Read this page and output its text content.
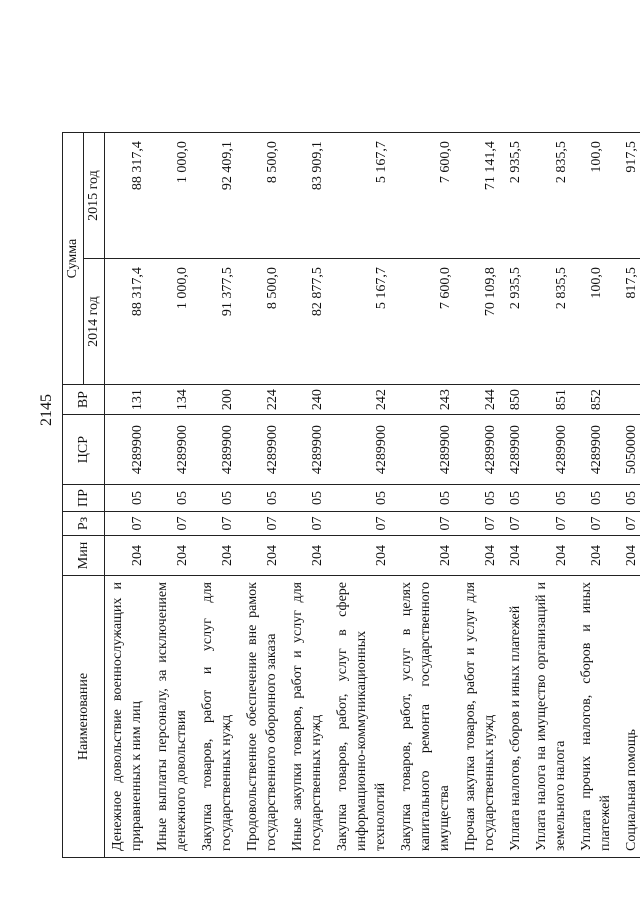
2145
Наименование	Мин	Рз	ПР	ЦСР	ВР	Сумма	
						2014 год	2015 год
Денежное довольствие военнослужащих и приравненных к ним лиц	204	07	05	4289900	131	88 317,4	88 317,4
Иные выплаты персоналу, за исключением денежного довольствия	204	07	05	4289900	134	1 000,0	1 000,0
Закупка товаров, работ и услуг для государственных нужд	204	07	05	4289900	200	91 377,5	92 409,1
Продовольственное обеспечение вне рамок государственного оборонного заказа	204	07	05	4289900	224	8 500,0	8 500,0
Иные закупки товаров, работ и услуг для государственных нужд	204	07	05	4289900	240	82 877,5	83 909,1
Закупка товаров, работ, услуг в сфере информационно-коммуникационных технологий	204	07	05	4289900	242	5 167,7	5 167,7
Закупка товаров, работ, услуг в целях капитального ремонта государственного имущества	204	07	05	4289900	243	7 600,0	7 600,0
Прочая закупка товаров, работ и услуг для государственных нужд	204	07	05	4289900	244	70 109,8	71 141,4
Уплата налогов, сборов и иных платежей	204	07	05	4289900	850	2 935,5	2 935,5
Уплата налога на имущество организаций и земельного налога	204	07	05	4289900	851	2 835,5	2 835,5
Уплата прочих налогов, сборов и иных платежей	204	07	05	4289900	852	100,0	100,0
Социальная помощь	204	07	05	5050000		817,5	917,5
